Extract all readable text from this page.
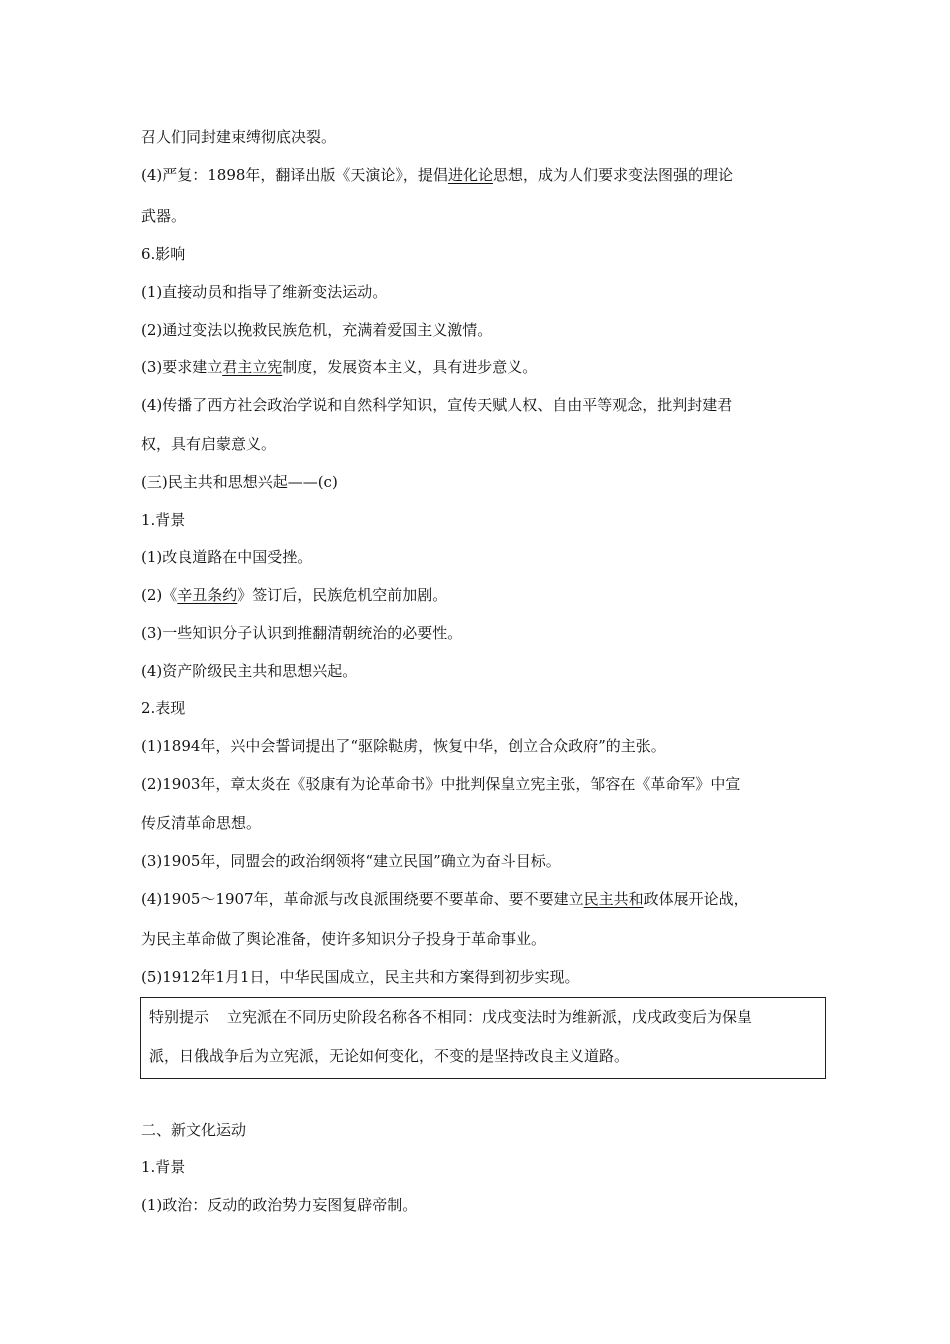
召人们同封建束缚彻底决裂。
(4)严复：1898年，翻译出版《天演论》，提倡进化论思想，成为人们要求变法图强的理论
武器。
6.影响
(1)直接动员和指导了维新变法运动。
(2)通过变法以挽救民族危机，充满着爱国主义激情。
(3)要求建立君主立宪制度，发展资本主义，具有进步意义。
(4)传播了西方社会政治学说和自然科学知识，宣传天赋人权、自由平等观念，批判封建君
权，具有启蒙意义。
(三)民主共和思想兴起——(c)
1.背景
(1)改良道路在中国受挫。
(2)《辛丑条约》签订后，民族危机空前加剧。
(3)一些知识分子认识到推翻清朝统治的必要性。
(4)资产阶级民主共和思想兴起。
2.表现
(1)1894年，兴中会誓词提出了“驱除鞑虏，恢复中华，创立合众政府”的主张。
(2)1903年，章太炎在《驳康有为论革命书》中批判保皇立宪主张，邹容在《革命军》中宣
传反清革命思想。
(3)1905年，同盟会的政治纲领将“建立民国”确立为奋斗目标。
(4)1905～1907年，革命派与改良派围绕要不要革命、要不要建立民主共和政体展开论战，
为民主革命做了舆论准备，使许多知识分子投身于革命事业。
(5)1912年1月1日，中华民国成立，民主共和方案得到初步实现。
特别提示 立宪派在不同历史阶段名称各不相同：戊戌变法时为维新派，戊戌政变后为保皇
派，日俄战争后为立宪派，无论如何变化，不变的是坚持改良主义道路。
二、新文化运动
1.背景
(1)政治：反动的政治势力妄图复辟帝制。
